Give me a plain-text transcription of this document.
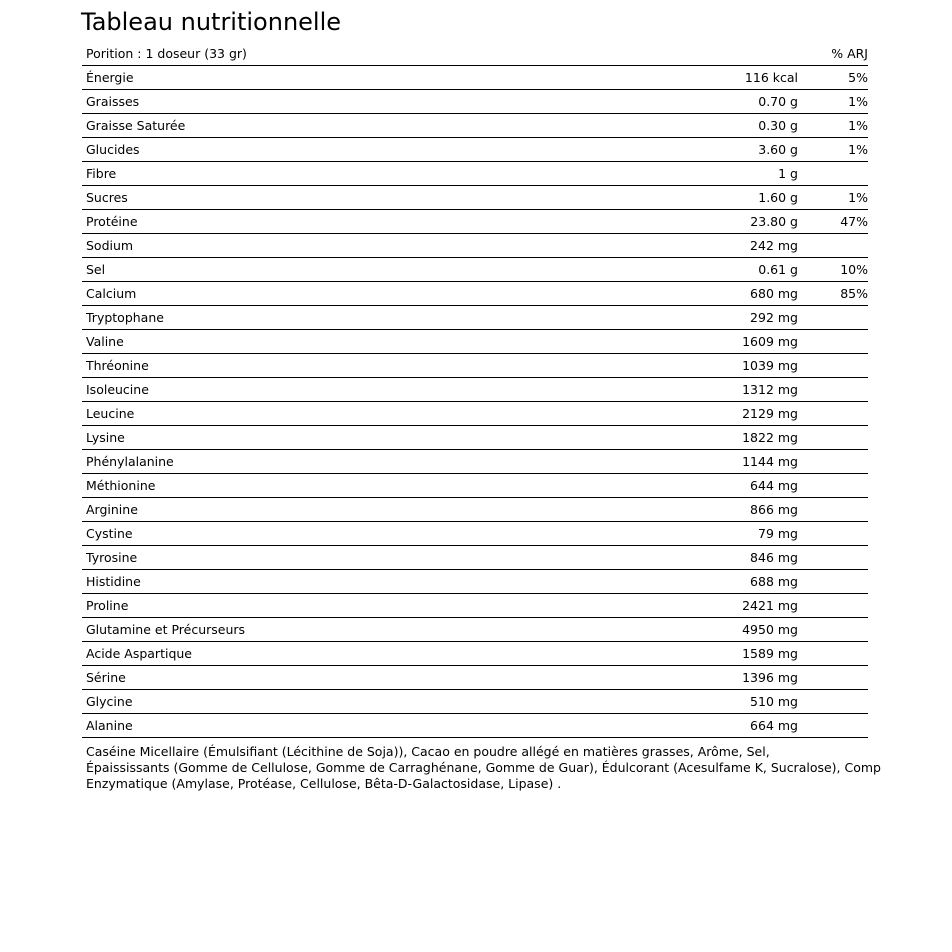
Tableau nutritionnelle
Porition : 1 doseur (33 gr)	% ARJ
Énergie	116 kcal	5%
Graisses	0.70 g	1%
Graisse Saturée	0.30 g	1%
Glucides	3.60 g	1%
Fibre	1 g
Sucres	1.60 g	1%
Protéine	23.80 g	47%
Sodium	242 mg
Sel	0.61 g	10%
Calcium	680 mg	85%
Tryptophane	292 mg
Valine	1609 mg
Thréonine	1039 mg
Isoleucine	1312 mg
Leucine	2129 mg
Lysine	1822 mg
Phénylalanine	1144 mg
Méthionine	644 mg
Arginine	866 mg
Cystine	79 mg
Tyrosine	846 mg
Histidine	688 mg
Proline	2421 mg
Glutamine et Précurseurs	4950 mg
Acide Aspartique	1589 mg
Sérine	1396 mg
Glycine	510 mg
Alanine	664 mg
Caséine Micellaire (Émulsifiant (Lécithine de Soja)), Cacao en poudre allégé en matières grasses, Arôme, Sel,
Épaississants (Gomme de Cellulose, Gomme de Carraghénane, Gomme de Guar), Édulcorant (Acesulfame K, Sucralose), Comp
Enzymatique (Amylase, Protéase, Cellulose, Bêta-D-Galactosidase, Lipase) .
